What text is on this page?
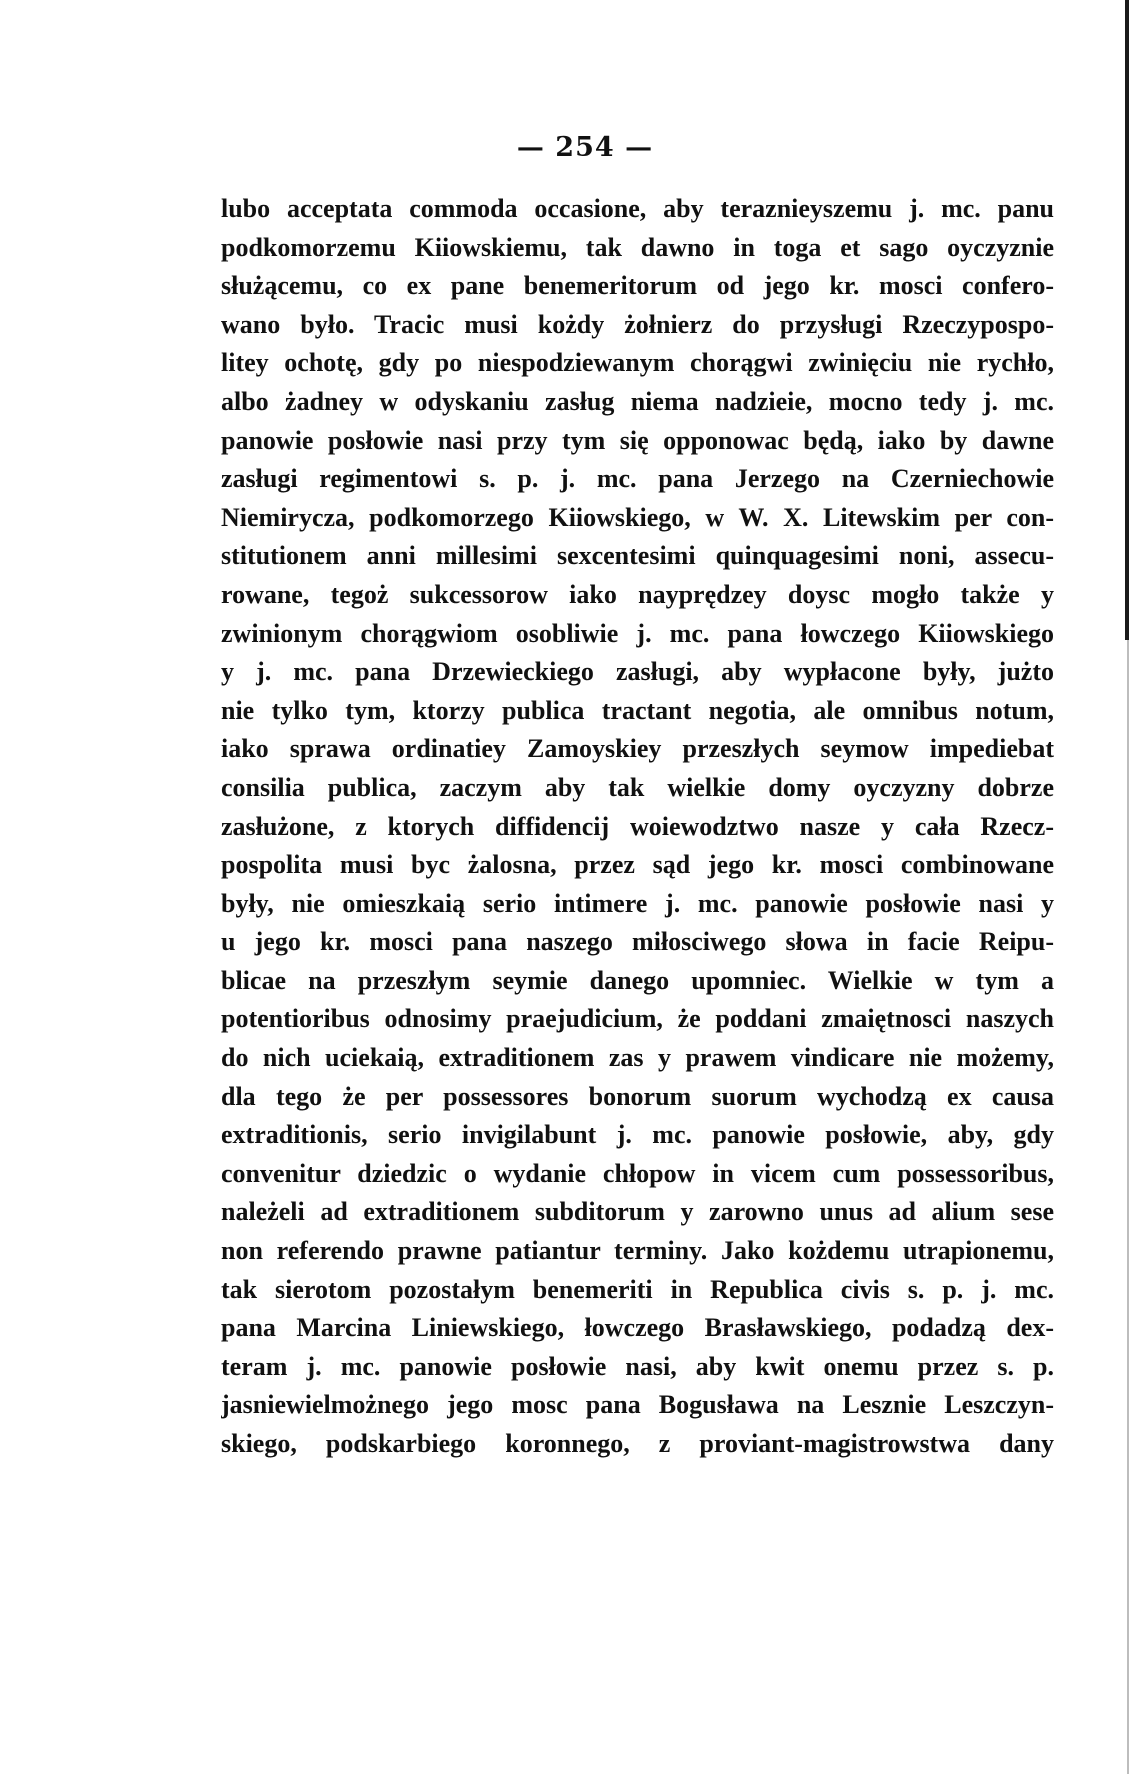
— 254 —
lubo acceptata commoda occasione, aby teraznieyszemu j. mc. panu
podkomorzemu Kiiowskiemu, tak dawno in toga et sago oyczyznie
służącemu, co ex pane benemeritorum od jego kr. mosci confero-
wano było. Tracic musi kożdy żołnierz do przysługi Rzeczypospo-
litey ochotę, gdy po niespodziewanym chorągwi zwinięciu nie rychło,
albo żadney w odyskaniu zasług niema nadzieie, mocno tedy j. mc.
panowie posłowie nasi przy tym się opponowac będą, iako by dawne
zasługi regimentowi s. p. j. mc. pana Jerzego na Czerniechowie
Niemirycza, podkomorzego Kiiowskiego, w W. X. Litewskim per con-
stitutionem anni millesimi sexcentesimi quinquagesimi noni, assecu-
rowane, tegoż sukcessorow iako nayprędzey doysc mogło także y
zwinionym chorągwiom osobliwie j. mc. pana łowczego Kiiowskiego
y j. mc. pana Drzewieckiego zasługi, aby wypłacone były, jużto
nie tylko tym, ktorzy publica tractant negotia, ale omnibus notum,
iako sprawa ordinatiey Zamoyskiey przeszłych seymow impediebat
consilia publica, zaczym aby tak wielkie domy oyczyzny dobrze
zasłużone, z ktorych diffidencij woiewodztwo nasze y cała Rzecz-
pospolita musi byc żalosna, przez sąd jego kr. mosci combinowane
były, nie omieszkaią serio intimere j. mc. panowie posłowie nasi y
u jego kr. mosci pana naszego miłosciwego słowa in facie Reipu-
blicae na przeszłym seymie danego upomniec. Wielkie w tym a
potentioribus odnosimy praejudicium, że poddani zmaiętnosci naszych
do nich uciekaią, extraditionem zas y prawem vindicare nie możemy,
dla tego że per possessores bonorum suorum wychodzą ex causa
extraditionis, serio invigilabunt j. mc. panowie posłowie, aby, gdy
convenitur dziedzic o wydanie chłopow in vicem cum possessoribus,
należeli ad extraditionem subditorum y zarowno unus ad alium sese
non referendo prawne patiantur terminy. Jako kożdemu utrapionemu,
tak sierotom pozostałym benemeriti in Republica civis s. p. j. mc.
pana Marcina Liniewskiego, łowczego Brasławskiego, podadzą dex-
teram j. mc. panowie posłowie nasi, aby kwit onemu przez s. p.
jasniewielmożnego jego mosc pana Bogusława na Lesznie Leszczyn-
skiego, podskarbiego koronnego, z proviant-magistrowstwa dany
